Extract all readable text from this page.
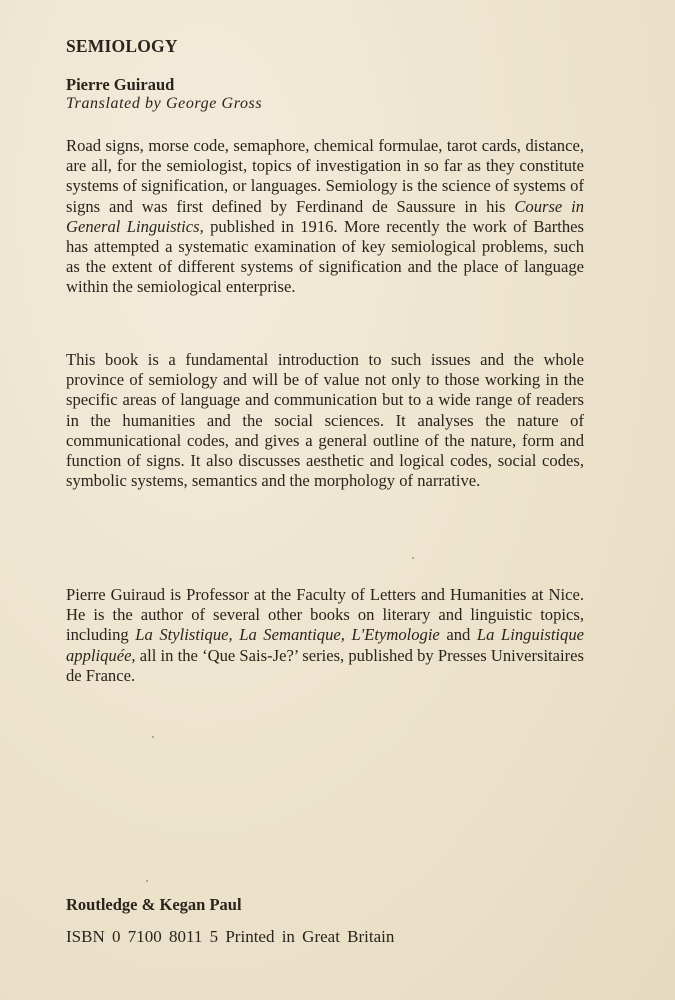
SEMIOLOGY
Pierre Guiraud
Translated by George Gross

Road signs, morse code, semaphore, chemical formulae, tarot cards, distance, are all, for the semiologist, topics of investigation in so far as they constitute systems of signification, or languages. Semiology is the science of systems of signs and was first defined by Ferdinand de Saussure in his Course in General Linguistics, published in 1916. More recently the work of Barthes has attempted a systematic examination of key semiological problems, such as the extent of different systems of signification and the place of language within the semiological enterprise.

This book is a fundamental introduction to such issues and the whole province of semiology and will be of value not only to those working in the specific areas of language and communication but to a wide range of readers in the humanities and the social sciences. It analyses the nature of communicational codes, and gives a general outline of the nature, form and function of signs. It also discusses aesthetic and logical codes, social codes, symbolic systems, semantics and the morphology of narrative.

Pierre Guiraud is Professor at the Faculty of Letters and Humanities at Nice. He is the author of several other books on literary and linguistic topics, including La Stylistique, La Semantique, L'Etymologie and La Linguistique appliquée, all in the ‘Que Sais-Je?’ series, published by Presses Universitaires de France.

Routledge & Kegan Paul
ISBN 0 7100 8011 5 Printed in Great Britain
